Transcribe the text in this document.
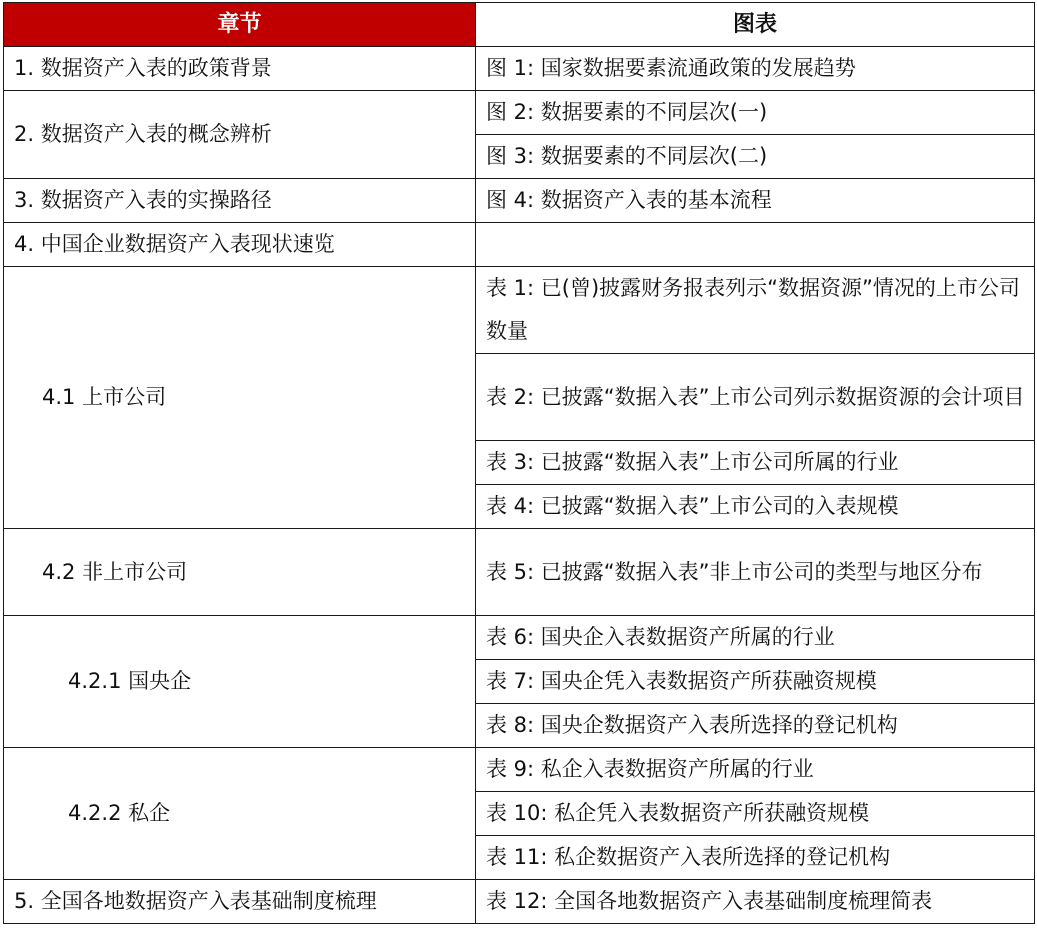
章节	图表
1. 数据资产入表的政策背景	图 1: 国家数据要素流通政策的发展趋势
2. 数据资产入表的概念辨析	图 2: 数据要素的不同层次(一)
	图 3: 数据要素的不同层次(二)
3. 数据资产入表的实操路径	图 4: 数据资产入表的基本流程
4. 中国企业数据资产入表现状速览	
4.1 上市公司	表 1: 已(曾)披露财务报表列示“数据资源”情况的上市公司数量
	表 2: 已披露“数据入表”上市公司列示数据资源的会计项目
	表 3: 已披露“数据入表”上市公司所属的行业
	表 4: 已披露“数据入表”上市公司的入表规模
4.2 非上市公司	表 5: 已披露“数据入表”非上市公司的类型与地区分布
4.2.1 国央企	表 6: 国央企入表数据资产所属的行业
	表 7: 国央企凭入表数据资产所获融资规模
	表 8: 国央企数据资产入表所选择的登记机构
4.2.2 私企	表 9: 私企入表数据资产所属的行业
	表 10: 私企凭入表数据资产所获融资规模
	表 11: 私企数据资产入表所选择的登记机构
5. 全国各地数据资产入表基础制度梳理	表 12: 全国各地数据资产入表基础制度梳理简表
